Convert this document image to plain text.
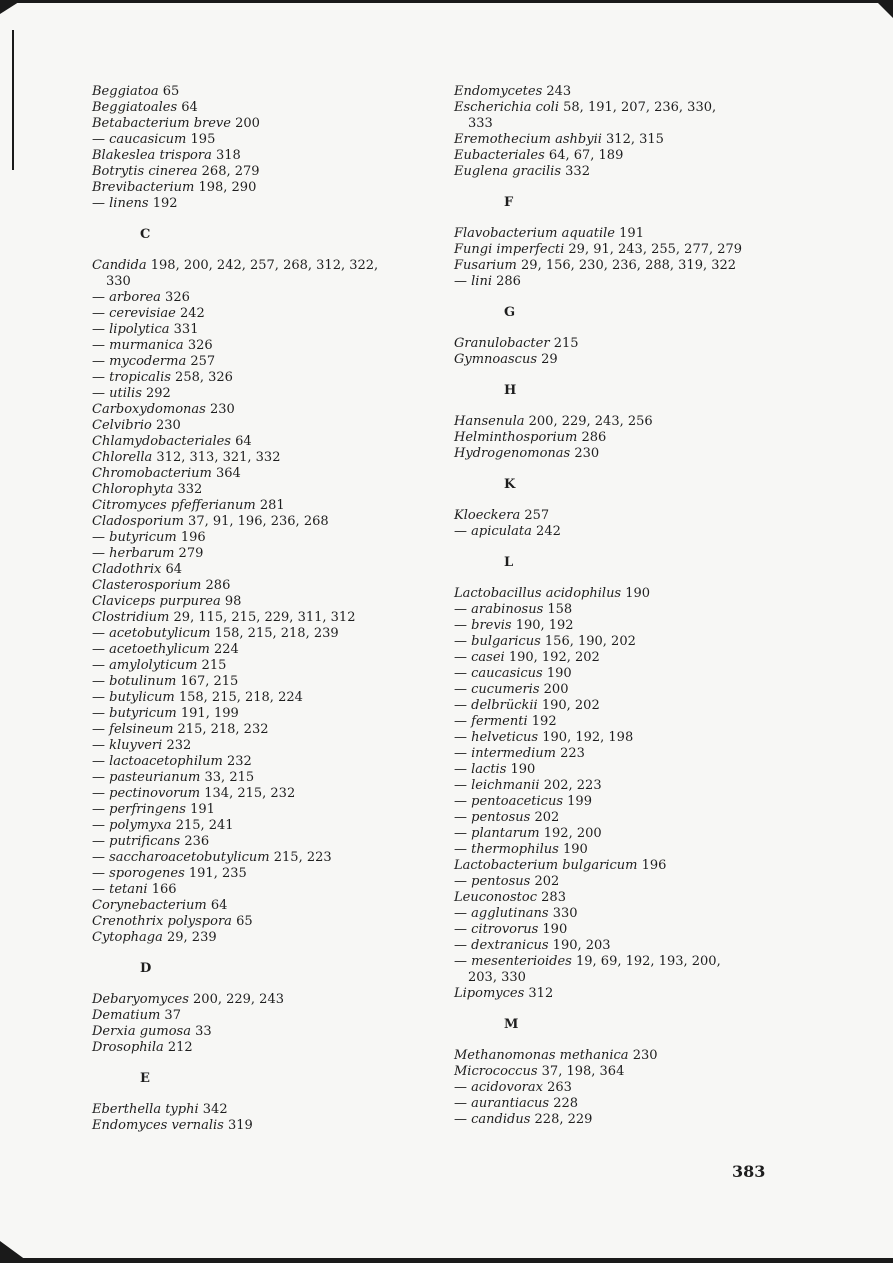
Beggiatoa 65
Beggiatoales 64
Betabacterium breve 200
— caucasicum 195
Blakeslea trispora 318
Botrytis cinerea 268, 279
Brevibacterium 198, 290
— linens 192
C
Candida 198, 200, 242, 257, 268, 312, 322,
330
— arborea 326
— cerevisiae 242
— lipolytica 331
— murmanica 326
— mycoderma 257
— tropicalis 258, 326
— utilis 292
Carboxydomonas 230
Celvibrio 230
Chlamydobacteriales 64
Chlorella 312, 313, 321, 332
Chromobacterium 364
Chlorophyta 332
Citromyces pfefferianum 281
Cladosporium 37, 91, 196, 236, 268
— butyricum 196
— herbarum 279
Cladothrix 64
Clasterosporium 286
Claviceps purpurea 98
Clostridium 29, 115, 215, 229, 311, 312
— acetobutylicum 158, 215, 218, 239
— acetoethylicum 224
— amylolyticum 215
— botulinum 167, 215
— butylicum 158, 215, 218, 224
— butyricum 191, 199
— felsineum 215, 218, 232
— kluyveri 232
— lactoacetophilum 232
— pasteurianum 33, 215
— pectinovorum 134, 215, 232
— perfringens 191
— polymyxa 215, 241
— putrificans 236
— saccharoacetobutylicum 215, 223
— sporogenes 191, 235
— tetani 166
Corynebacterium 64
Crenothrix polyspora 65
Cytophaga 29, 239
D
Debaryomyces 200, 229, 243
Dematium 37
Derxia gumosa 33
Drosophila 212
E
Eberthella typhi 342
Endomyces vernalis 319
Endomycetes 243
Escherichia coli 58, 191, 207, 236, 330,
333
Eremothecium ashbyii 312, 315
Eubacteriales 64, 67, 189
Euglena gracilis 332
F
Flavobacterium aquatile 191
Fungi imperfecti 29, 91, 243, 255, 277, 279
Fusarium 29, 156, 230, 236, 288, 319, 322
— lini 286
G
Granulobacter 215
Gymnoascus 29
H
Hansenula 200, 229, 243, 256
Helminthosporium 286
Hydrogenomonas 230
K
Kloeckera 257
— apiculata 242
L
Lactobacillus acidophilus 190
— arabinosus 158
— brevis 190, 192
— bulgaricus 156, 190, 202
— casei 190, 192, 202
— caucasicus 190
— cucumeris 200
— delbrückii 190, 202
— fermenti 192
— helveticus 190, 192, 198
— intermedium 223
— lactis 190
— leichmanii 202, 223
— pentoaceticus 199
— pentosus 202
— plantarum 192, 200
— thermophilus 190
Lactobacterium bulgaricum 196
— pentosus 202
Leuconostoc 283
— agglutinans 330
— citrovorus 190
— dextranicus 190, 203
— mesenterioides 19, 69, 192, 193, 200,
203, 330
Lipomyces 312
M
Methanomonas methanica 230
Micrococcus 37, 198, 364
— acidovorax 263
— aurantiacus 228
— candidus 228, 229
383
